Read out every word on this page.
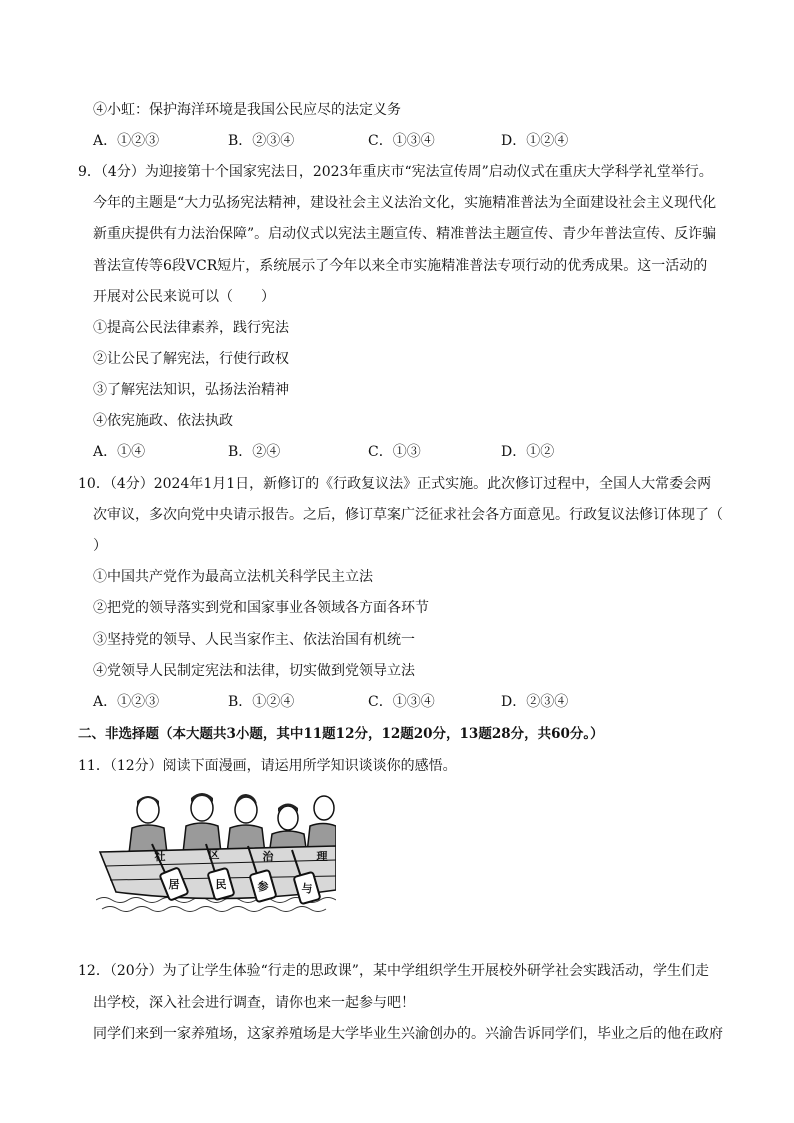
④小虹：保护海洋环境是我国公民应尽的法定义务
A．①②③	B．②③④	C．①③④	D．①②④
9．（4分）为迎接第十个国家宪法日，2023年重庆市“宪法宣传周”启动仪式在重庆大学科学礼堂举行。
今年的主题是“大力弘扬宪法精神，建设社会主义法治文化，实施精准普法为全面建设社会主义现代化
新重庆提供有力法治保障”。启动仪式以宪法主题宣传、精准普法主题宣传、青少年普法宣传、反诈骗
普法宣传等6段VCR短片，系统展示了今年以来全市实施精准普法专项行动的优秀成果。这一活动的
开展对公民来说可以（　　）
①提高公民法律素养，践行宪法
②让公民了解宪法，行使行政权
③了解宪法知识，弘扬法治精神
④依宪施政、依法执政
A．①④	B．②④	C．①③	D．①②
10．（4分）2024年1月1日，新修订的《行政复议法》正式实施。此次修订过程中，全国人大常委会两
次审议，多次向党中央请示报告。之后，修订草案广泛征求社会各方面意见。行政复议法修订体现了（
）
①中国共产党作为最高立法机关科学民主立法
②把党的领导落实到党和国家事业各领域各方面各环节
③坚持党的领导、人民当家作主、依法治国有机统一
④党领导人民制定宪法和法律，切实做到党领导立法
A．①②③	B．①②④	C．①③④	D．②③④
二、非选择题（本大题共3小题，其中11题12分，12题20分，13题28分，共60分。）
11．（12分）阅读下面漫画，请运用所学知识谈谈你的感悟。
社	区	治	理
居	民	参	与
12．（20分）为了让学生体验“行走的思政课”，某中学组织学生开展校外研学社会实践活动，学生们走
出学校，深入社会进行调查，请你也来一起参与吧！
同学们来到一家养殖场，这家养殖场是大学毕业生兴渝创办的。兴渝告诉同学们，毕业之后的他在政府
